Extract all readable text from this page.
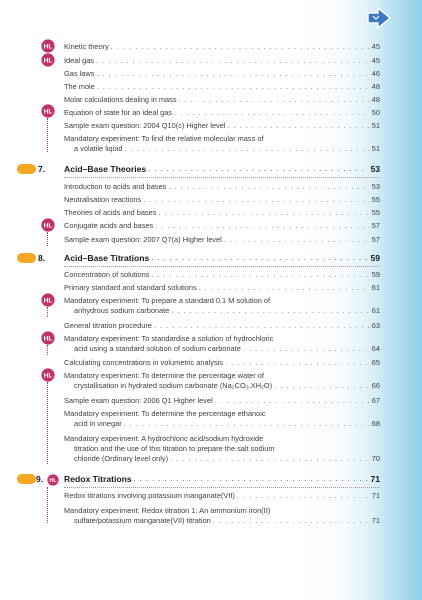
HL
HL
HL
Kinetic theory . . .	45
Ideal gas . . .	45
Gas laws . . .	46
The mole . . .	48
Molar calculations dealing in mass . . .	48
Equation of state for an ideal gas . . .	50
Sample exam question: 2004 Q10(c) Higher level . . .	51
Mandatory experiment: To find the relative molecular mass of
a volatile liquid . . .	51
7. Acid–Base Theories . . .	53
Introduction to acids and bases . . .	53
Neutralisation reactions . . .	55
Theories of acids and bases . . .	55
HL Conjugate acids and bases . . .	57
Sample exam question: 2007 Q7(a) Higher level . . .	57
8. Acid–Base Titrations . . .	59
Concentration of solutions . . .	59
Primary standard and standard solutions . . .	61
HL Mandatory experiment: To prepare a standard 0.1 M solution of
anhydrous sodium carbonate . . .	61
General titration procedure . . .	63
HL Mandatory experiment: To standardise a solution of hydrochloric
acid using a standard solution of sodium carbonate . . .	64
Calculating concentrations in volumetric analysis . . .	65
HL Mandatory experiment: To determine the percentage water of
crystallisation in hydrated sodium carbonate (Na₂CO₃.XH₂O) . . .	66
Sample exam question: 2006 Q1 Higher level . . .	67
Mandatory experiment: To determine the percentage ethanoic
acid in vinegar . . .	68
Mandatory experiment: A hydrochloric acid/sodium hydroxide
titration and the use of this titration to prepare the salt sodium
chloride (Ordinary level only) . . .	70
9. HL Redox Titrations . . .	71
Redox titrations involving potassium manganate(VII) . . .	71
Mandatory experiment: Redox titration 1: An ammonium iron(II)
sulfate/potassium manganate(VII) titration . . .	71
